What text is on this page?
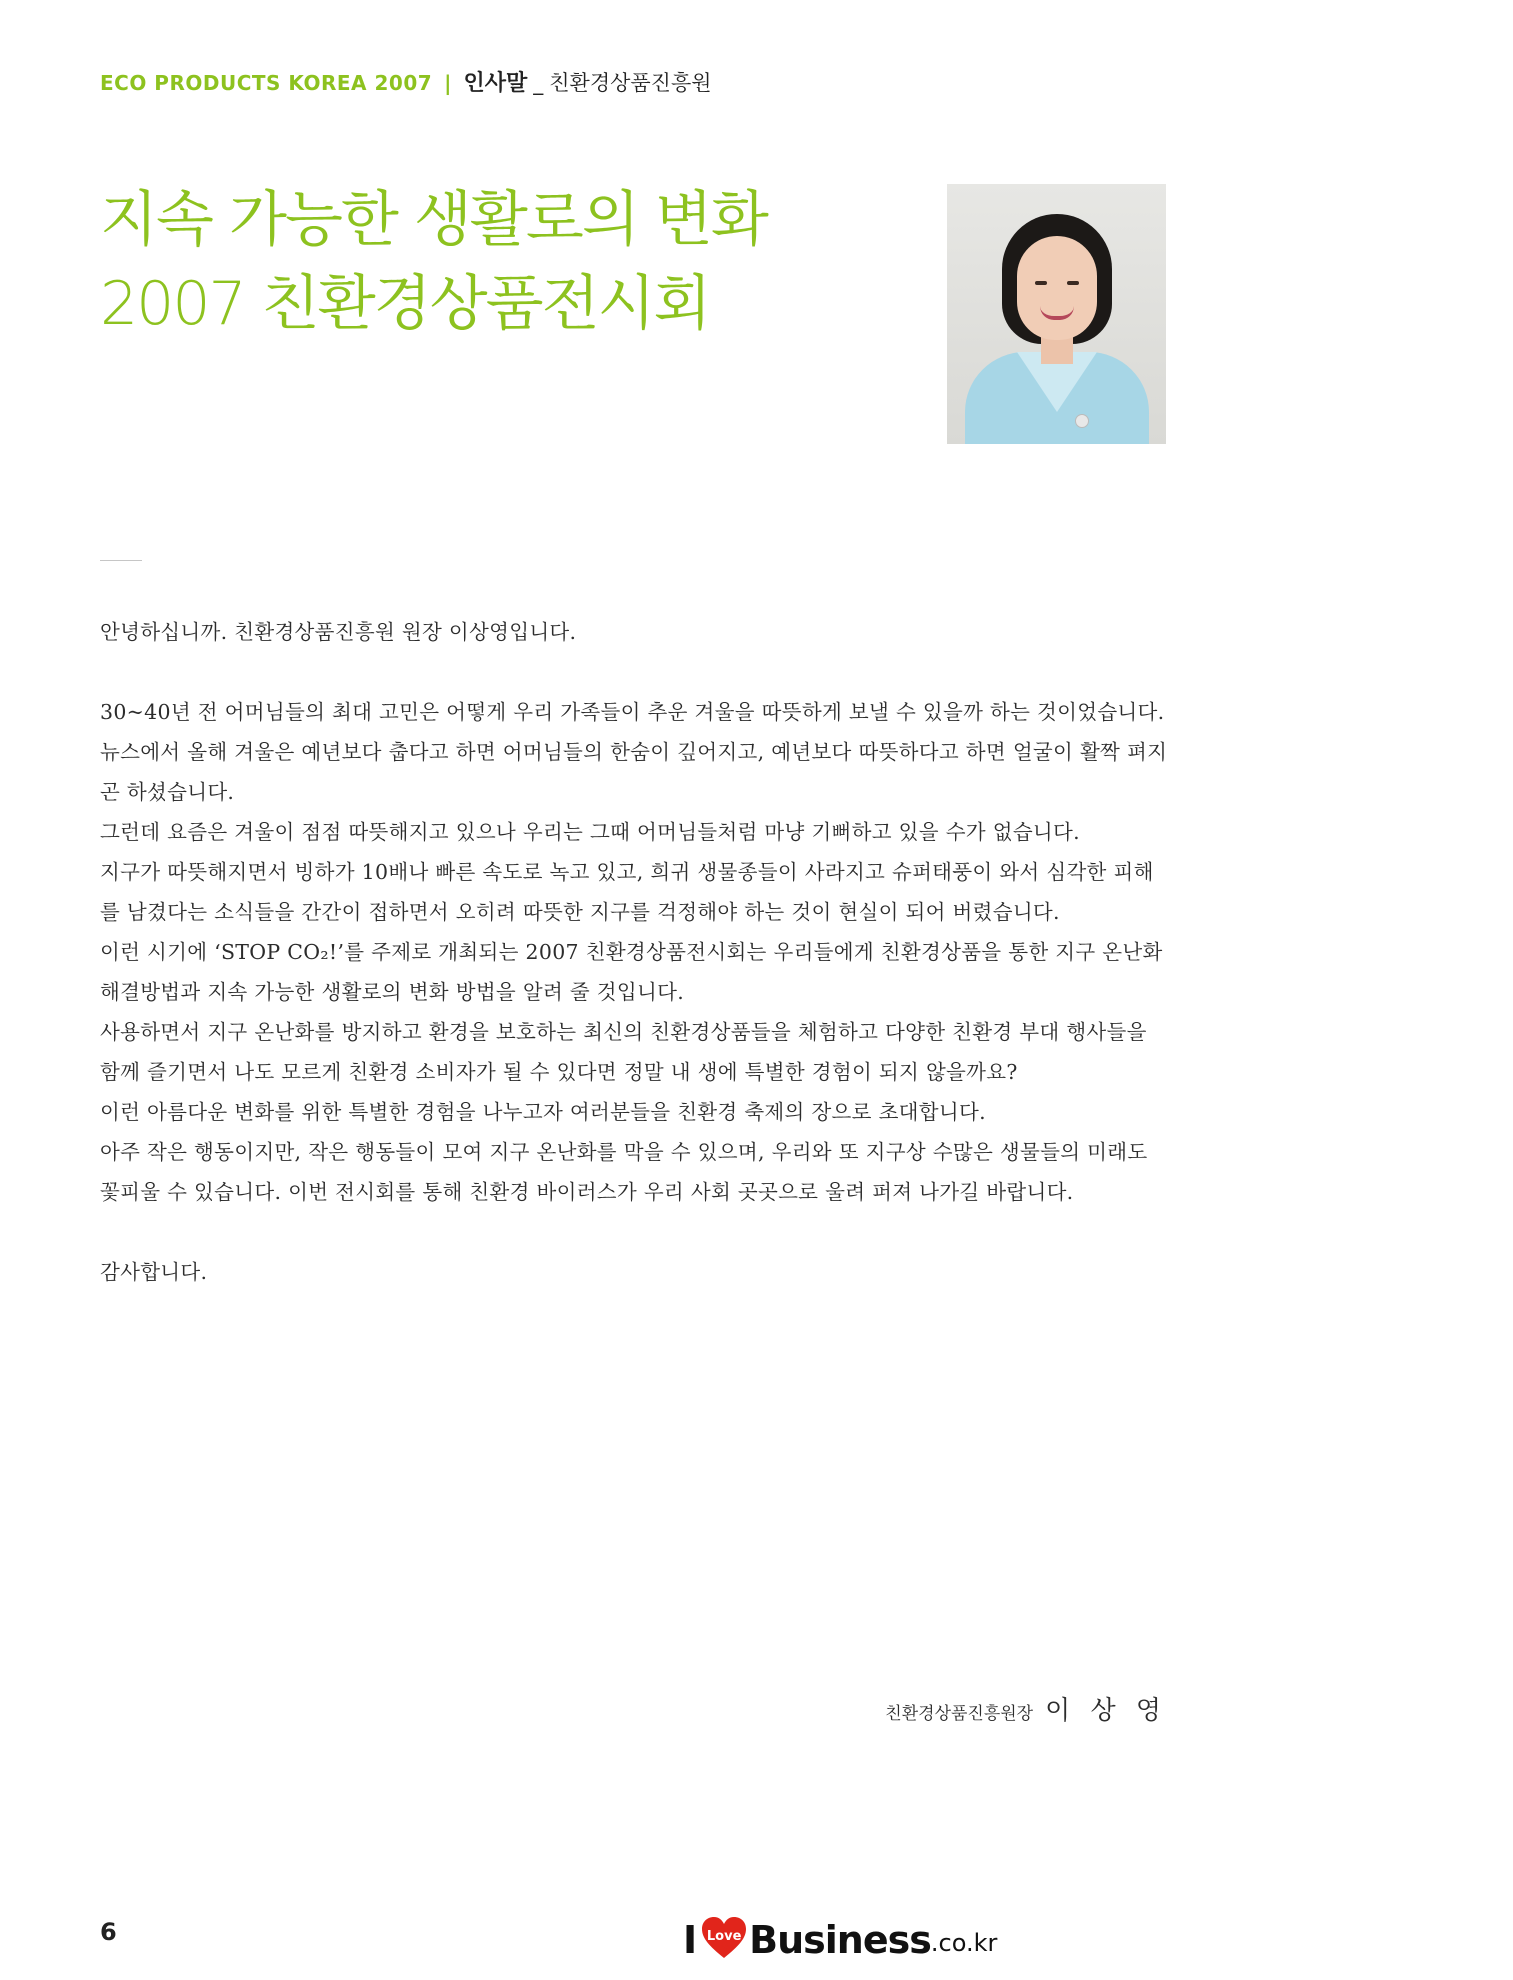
ECO PRODUCTS KOREA 2007 | 인사말 _ 친환경상품진흥원
지속 가능한 생활로의 변화
2007 친환경상품전시회

안녕하십니까. 친환경상품진흥원 원장 이상영입니다.

30~40년 전 어머님들의 최대 고민은 어떻게 우리 가족들이 추운 겨울을 따뜻하게 보낼 수 있을까 하는 것이었습니다. 뉴스에서 올해 겨울은 예년보다 춥다고 하면 어머님들의 한숨이 깊어지고, 예년보다 따뜻하다고 하면 얼굴이 활짝 펴지곤 하셨습니다.

그런데 요즘은 겨울이 점점 따뜻해지고 있으나 우리는 그때 어머님들처럼 마냥 기뻐하고 있을 수가 없습니다.

지구가 따뜻해지면서 빙하가 10배나 빠른 속도로 녹고 있고, 희귀 생물종들이 사라지고 슈퍼태풍이 와서 심각한 피해를 남겼다는 소식들을 간간이 접하면서 오히려 따뜻한 지구를 걱정해야 하는 것이 현실이 되어 버렸습니다.

이런 시기에 ‘STOP CO₂!’를 주제로 개최되는 2007 친환경상품전시회는 우리들에게 친환경상품을 통한 지구 온난화 해결방법과 지속 가능한 생활로의 변화 방법을 알려 줄 것입니다.

사용하면서 지구 온난화를 방지하고 환경을 보호하는 최신의 친환경상품들을 체험하고 다양한 친환경 부대 행사들을 함께 즐기면서 나도 모르게 친환경 소비자가 될 수 있다면 정말 내 생에 특별한 경험이 되지 않을까요?

이런 아름다운 변화를 위한 특별한 경험을 나누고자 여러분들을 친환경 축제의 장으로 초대합니다.

아주 작은 행동이지만, 작은 행동들이 모여 지구 온난화를 막을 수 있으며, 우리와 또 지구상 수많은 생물들의 미래도 꽃피울 수 있습니다. 이번 전시회를 통해 친환경 바이러스가 우리 사회 곳곳으로 울려 퍼져 나가길 바랍니다.

감사합니다.

친환경상품진흥원장 이 상 영
6	I Love Business .co.kr
